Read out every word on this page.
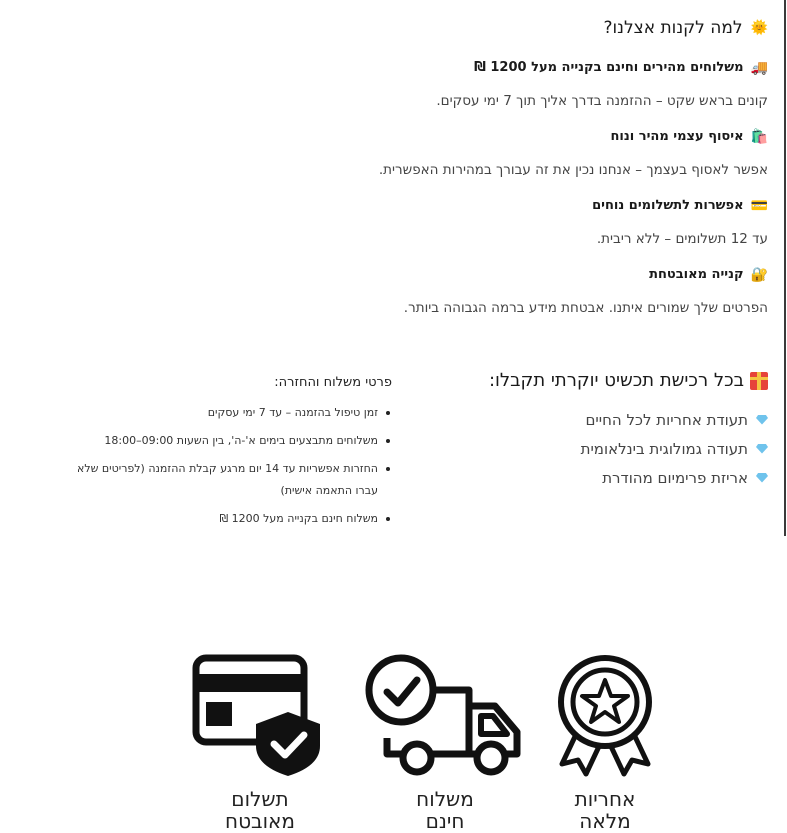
🌞
למה לקנות אצלנו?
🚚
משלוחים מהירים וחינם בקנייה מעל 1200 ₪
קונים בראש שקט – ההזמנה בדרך אליך תוך 7 ימי עסקים.
🛍️
איסוף עצמי מהיר ונוח
אפשר לאסוף בעצמך – אנחנו נכין את זה עבורך במהירות האפשרית.
💳
אפשרות לתשלומים נוחים
עד 12 תשלומים – ללא ריבית.
🔐
קנייה מאובטחת
הפרטים שלך שמורים איתנו. אבטחת מידע ברמה הגבוהה ביותר.
בכל רכישת תכשיט יוקרתי תקבלו:
תעודת אחריות לכל החיים
תעודה גמולוגית בינלאומית
אריזת פרימיום מהודרת
פרטי משלוח והחזרה:
זמן טיפול בהזמנה – עד 7 ימי עסקים
משלוחים מתבצעים בימים א'-ה', בין השעות 09:00–18:00
החזרות אפשריות עד 14 יום מרגע קבלת ההזמנה (לפריטים שלא עברו התאמה אישית)
משלוח חינם בקנייה מעל 1200 ₪
תשלום
מאובטח
משלוח
חינם
אחריות
מלאה
